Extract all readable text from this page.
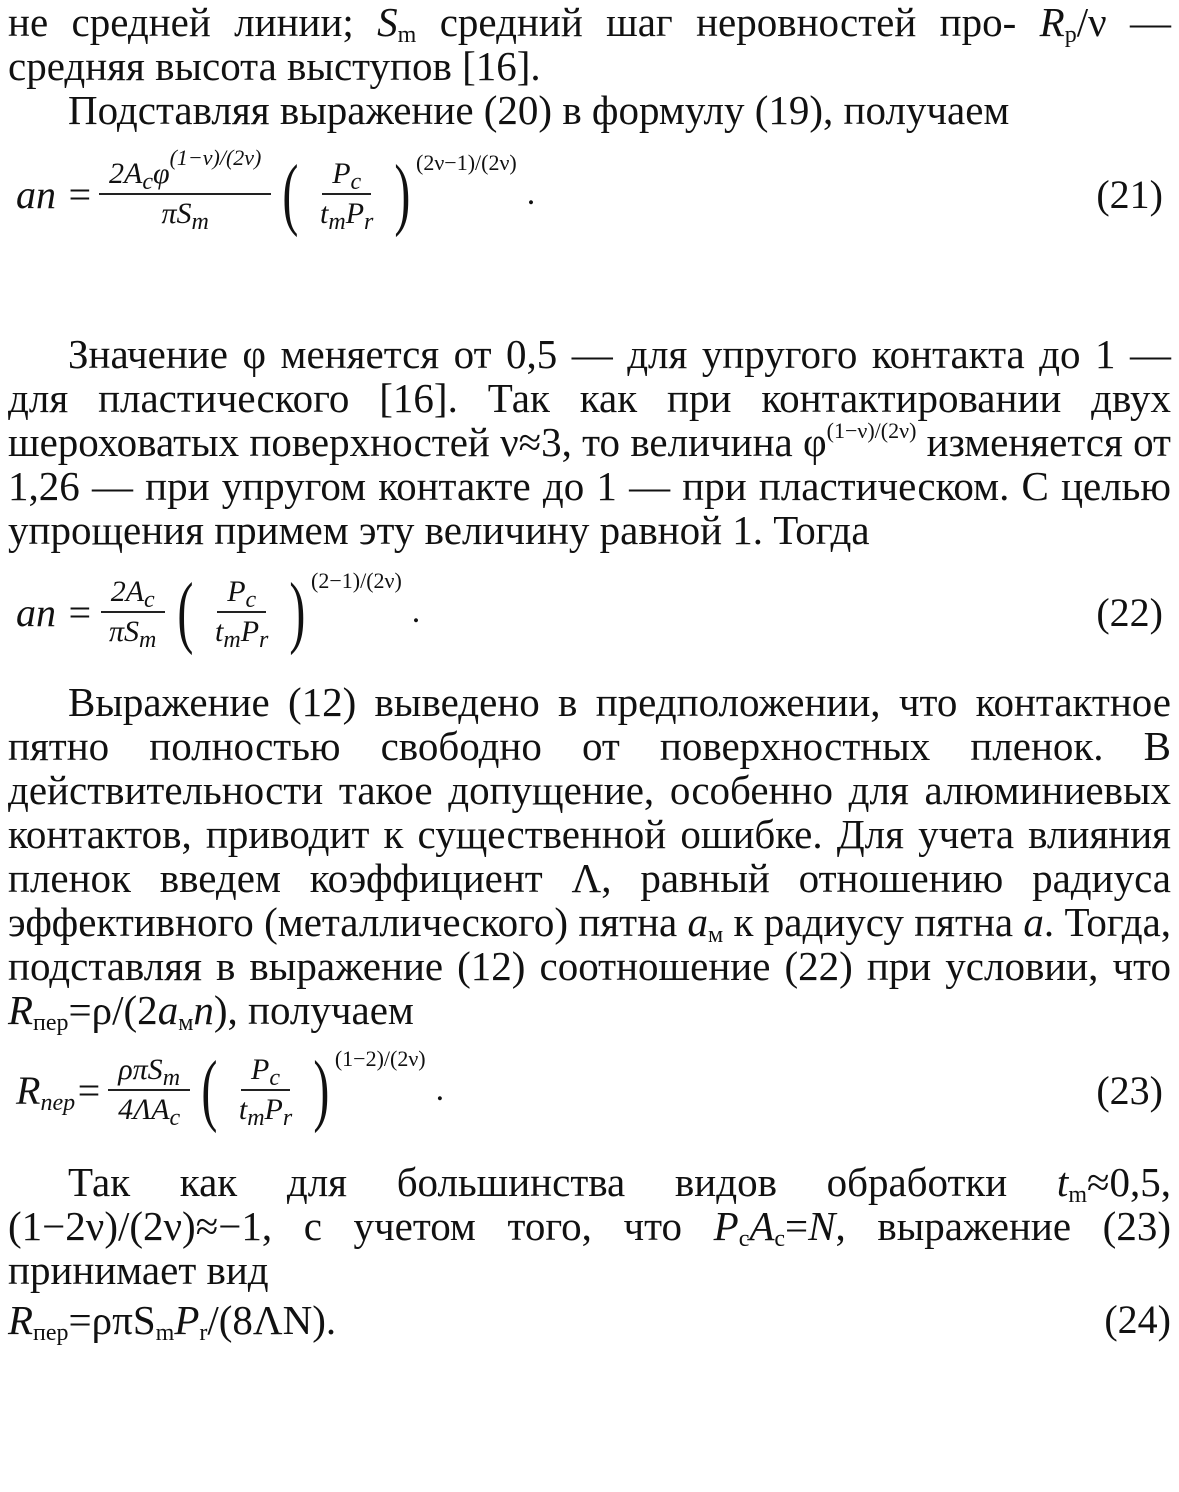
не средней линии; $S_m$ средний шаг неровностей про- $R_p/\nu$ — средняя высота выступов [16].

Подставляя выражение (20) в формулу (19), получаем

an = $\frac{2A_c\varphi^{(1-\nu)/(2\nu)}}{\pi S_m}$ ( $\frac{P_c}{t_mP_r}$ ) (2ν−1)/(2ν)
.	(21)

Значение φ меняется от 0,5 — для упругого контакта до 1 — для пластического [16]. Так как при контактировании двух шероховатых поверхностей ν≈3, то величина $\varphi^{(1-\nu)/(2\nu)}$ изменяется от 1,26 — при упругом контакте до 1 — при пластическом. С целью упрощения примем эту величину равной 1. Тогда

an = $\frac{2A_c}{\pi S_m}$ ( $\frac{P_c}{t_mP_r}$ ) (2−1)/(2ν)
.	(22)

Выражение (12) выведено в предположении, что контактное пятно полностью свободно от поверхностных пленок. В действительности такое допущение, особенно для алюминиевых контактов, приводит к существенной ошибке. Для учета влияния пленок введем коэффициент Λ, равный отношению радиуса эффективного (металлического) пятна $a_м$ к радиусу пятна a. Тогда, подставляя в выражение (12) соотношение (22) при условии, что $R_{пер}=\rho/(2a_мn)$, получаем

$R_{пер}= \frac{\rho\pi S_m}{4\Lambda A_c}$ ( $\frac{P_c}{t_mP_r}$ ) (1−2)/(2ν)
.	(23)

Так как для большинства видов обработки $t_m\approx 0,5$, (1−2ν)/(2ν)≈−1, с учетом того, что $P_cA_c=N$, выражение (23) принимает вид

$R_{пер}=\rho\pi S_mP_r/(8\Lambda N)$.	(24)
